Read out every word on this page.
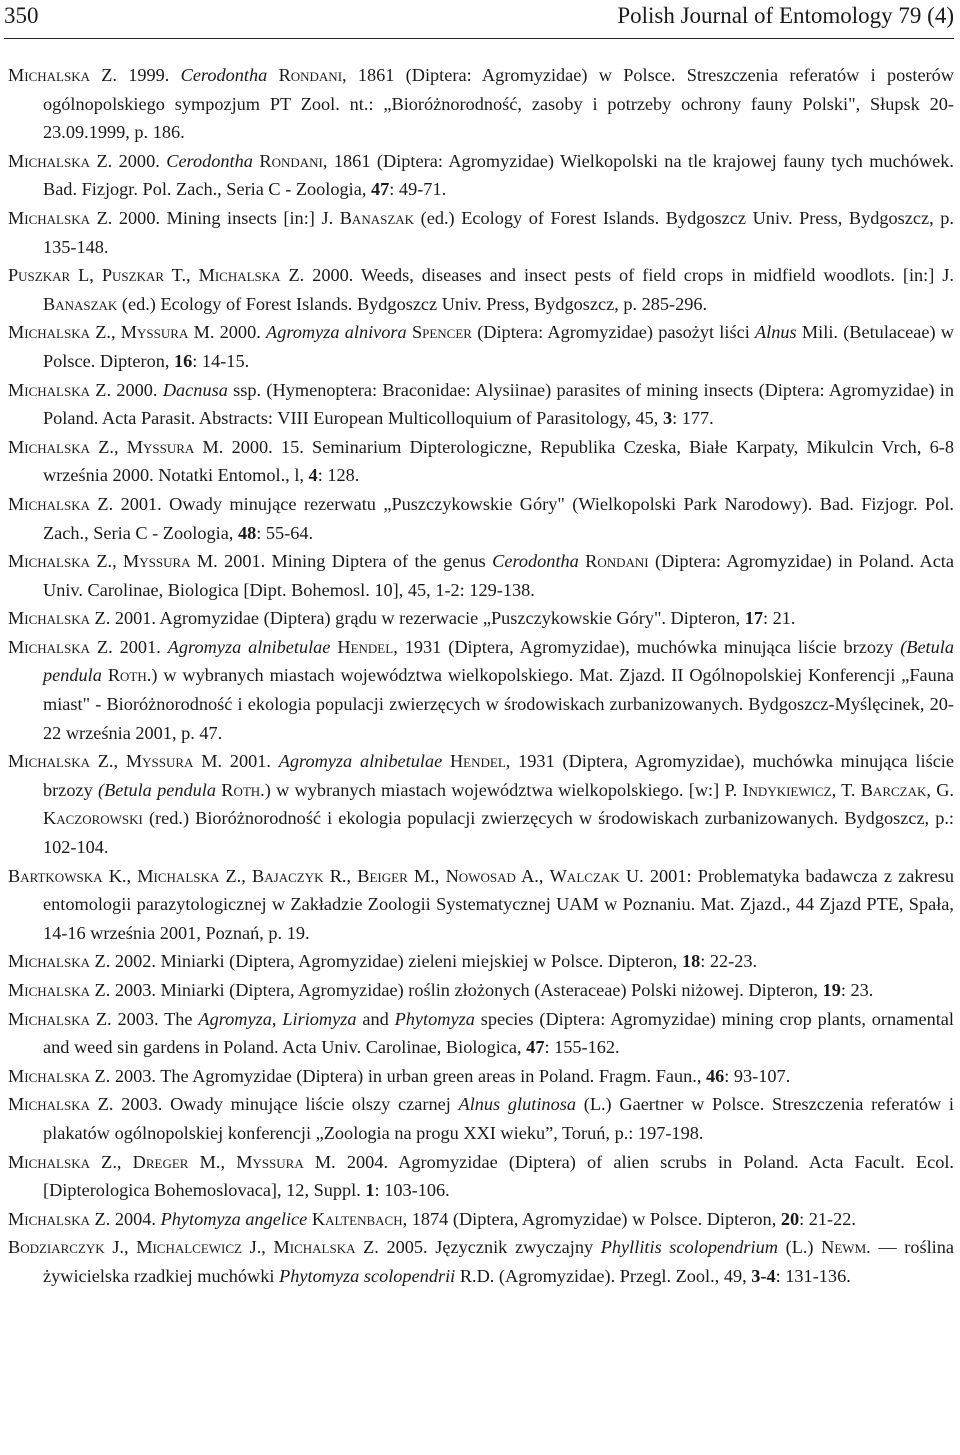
350	Polish Journal of Entomology 79 (4)
Michalska Z. 1999. Cerodontha Rondani, 1861 (Diptera: Agromyzidae) w Polsce. Streszczenia referatów i posterów ogólnopolskiego sympozjum PT Zool. nt.: „Bioróżnorodność, zasoby i potrzeby ochrony fauny Polski", Słupsk 20-23.09.1999, p. 186.
Michalska Z. 2000. Cerodontha Rondani, 1861 (Diptera: Agromyzidae) Wielkopolski na tle krajowej fauny tych muchówek. Bad. Fizjogr. Pol. Zach., Seria C - Zoologia, 47: 49-71.
Michalska Z. 2000. Mining insects [in:] J. Banaszak (ed.) Ecology of Forest Islands. Bydgoszcz Univ. Press, Bydgoszcz, p. 135-148.
Puszkar L, Puszkar T., Michalska Z. 2000. Weeds, diseases and insect pests of field crops in midfield woodlots. [in:] J. Banaszak (ed.) Ecology of Forest Islands. Bydgoszcz Univ. Press, Bydgoszcz, p. 285-296.
Michalska Z., Myssura M. 2000. Agromyza alnivora Spencer (Diptera: Agromyzidae) pasożyt liści Alnus Mili. (Betulaceae) w Polsce. Dipteron, 16: 14-15.
Michalska Z. 2000. Dacnusa ssp. (Hymenoptera: Braconidae: Alysiinae) parasites of mining insects (Diptera: Agromyzidae) in Poland. Acta Parasit. Abstracts: VIII European Multicolloquium of Parasitology, 45, 3: 177.
Michalska Z., Myssura M. 2000. 15. Seminarium Dipterologiczne, Republika Czeska, Białe Karpaty, Mikulcin Vrch, 6-8 września 2000. Notatki Entomol., l, 4: 128.
Michalska Z. 2001. Owady minujące rezerwatu „Puszczykowskie Góry" (Wielkopolski Park Narodowy). Bad. Fizjogr. Pol. Zach., Seria C - Zoologia, 48: 55-64.
Michalska Z., Myssura M. 2001. Mining Diptera of the genus Cerodontha Rondani (Diptera: Agromyzidae) in Poland. Acta Univ. Carolinae, Biologica [Dipt. Bohemosl. 10], 45, 1-2: 129-138.
Michalska Z. 2001. Agromyzidae (Diptera) grądu w rezerwacie „Puszczykowskie Góry". Dipteron, 17: 21.
Michalska Z. 2001. Agromyza alnibetulae Hendel, 1931 (Diptera, Agromyzidae), muchówka minująca liście brzozy (Betula pendula Roth.) w wybranych miastach województwa wielkopolskiego. Mat. Zjazd. II Ogólnopolskiej Konferencji „Fauna miast" - Bioróżnorodność i ekologia populacji zwierzęcych w środowiskach zurbanizowanych. Bydgoszcz-Myślęcinek, 20-22 września 2001, p. 47.
Michalska Z., Myssura M. 2001. Agromyza alnibetulae Hendel, 1931 (Diptera, Agromyzidae), muchówka minująca liście brzozy (Betula pendula Roth.) w wybranych miastach województwa wielkopolskiego. [w:] P. Indykiewicz, T. Barczak, G. Kaczorowski (red.) Bioróżnorodność i ekologia populacji zwierzęcych w środowiskach zurbanizowanych. Bydgoszcz, p.: 102-104.
Bartkowska K., Michalska Z., Bajaczyk R., Beiger M., Nowosad A., Walczak U. 2001: Problematyka badawcza z zakresu entomologii parazytologicznej w Zakładzie Zoologii Systematycznej UAM w Poznaniu. Mat. Zjazd., 44 Zjazd PTE, Spała, 14-16 września 2001, Poznań, p. 19.
Michalska Z. 2002. Miniarki (Diptera, Agromyzidae) zieleni miejskiej w Polsce. Dipteron, 18: 22-23.
Michalska Z. 2003. Miniarki (Diptera, Agromyzidae) roślin złożonych (Asteraceae) Polski niżowej. Dipteron, 19: 23.
Michalska Z. 2003. The Agromyza, Liriomyza and Phytomyza species (Diptera: Agromyzidae) mining crop plants, ornamental and weed sin gardens in Poland. Acta Univ. Carolinae, Biologica, 47: 155-162.
Michalska Z. 2003. The Agromyzidae (Diptera) in urban green areas in Poland. Fragm. Faun., 46: 93-107.
Michalska Z. 2003. Owady minujące liście olszy czarnej Alnus glutinosa (L.) Gaertner w Polsce. Streszczenia referatów i plakatów ogólnopolskiej konferencji „Zoologia na progu XXI wieku”, Toruń, p.: 197-198.
Michalska Z., Dreger M., Myssura M. 2004. Agromyzidae (Diptera) of alien scrubs in Poland. Acta Facult. Ecol. [Dipterologica Bohemoslovaca], 12, Suppl. 1: 103-106.
Michalska Z. 2004. Phytomyza angelice Kaltenbach, 1874 (Diptera, Agromyzidae) w Polsce. Dipteron, 20: 21-22.
Bodziarczyk J., Michalcewicz J., Michalska Z. 2005. Języcznik zwyczajny Phyllitis scolopendrium (L.) Newm. — roślina żywicielska rzadkiej muchówki Phytomyza scolopendrii R.D. (Agromyzidae). Przegl. Zool., 49, 3-4: 131-136.
